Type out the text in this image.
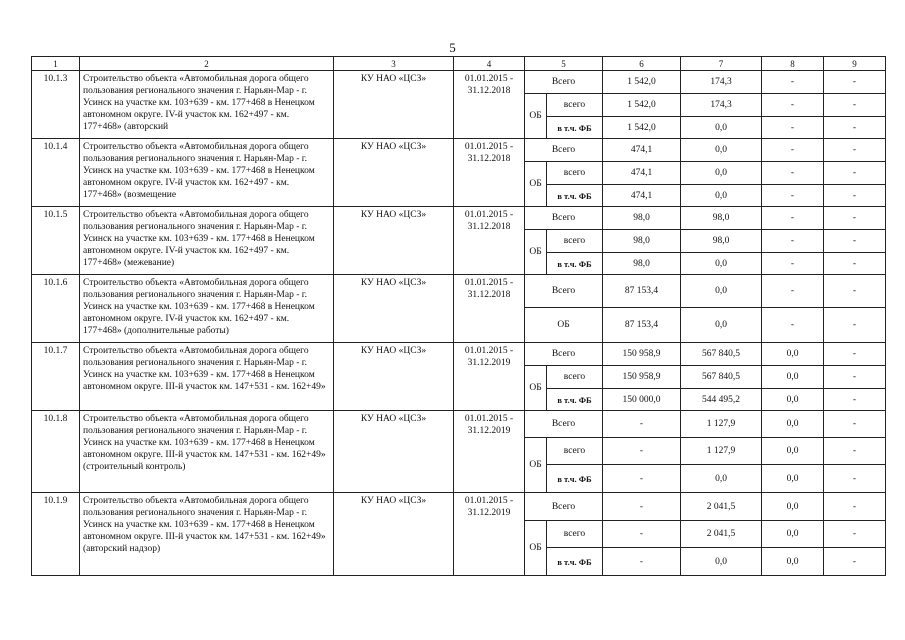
5
1	2	3	4	5		6	7	8	9
10.1.3	Строительство объекта «Автомобильная дорога общего пользования регионального значения г. Нарьян-Мар - г. Усинск на участке км. 103+639 - км. 177+468 в Ненецком автономном округе. IV-й участок км. 162+497 - км. 177+468» (авторский	КУ НАО «ЦСЗ»	01.01.2015 - 31.12.2018	Всего		1 542,0	174,3	-	-
				ОБ	всего	1 542,0	174,3	-	-
					в т.ч. ФБ	1 542,0	0,0	-	-
10.1.4	Строительство объекта «Автомобильная дорога общего пользования регионального значения г. Нарьян-Мар - г. Усинск на участке км. 103+639 - км. 177+468 в Ненецком автономном округе. IV-й участок км. 162+497 - км. 177+468» (возмещение	КУ НАО «ЦСЗ»	01.01.2015 - 31.12.2018	Всего		474,1	0,0	-	-
				ОБ	всего	474,1	0,0	-	-
					в т.ч. ФБ	474,1	0,0	-	-
10.1.5	Строительство объекта «Автомобильная дорога общего пользования регионального значения г. Нарьян-Мар - г. Усинск на участке км. 103+639 - км. 177+468 в Ненецком автономном округе. IV-й участок км. 162+497 - км. 177+468» (межевание)	КУ НАО «ЦСЗ»	01.01.2015 - 31.12.2018	Всего		98,0	98,0	-	-
				ОБ	всего	98,0	98,0	-	-
					в т.ч. ФБ	98,0	0,0	-	-
10.1.6	Строительство объекта «Автомобильная дорога общего пользования регионального значения г. Нарьян-Мар - г. Усинск на участке км. 103+639 - км. 177+468 в Ненецком автономном округе. IV-й участок км. 162+497 - км. 177+468» (дополнительные работы)	КУ НАО «ЦСЗ»	01.01.2015 - 31.12.2018	Всего		87 153,4	0,0	-	-
				ОБ		87 153,4	0,0	-	-
10.1.7	Строительство объекта «Автомобильная дорога общего пользования регионального значения г. Нарьян-Мар - г. Усинск на участке км. 103+639 - км. 177+468 в Ненецком автономном округе. III-й участок км. 147+531 - км. 162+49»	КУ НАО «ЦСЗ»	01.01.2015 - 31.12.2019	Всего		150 958,9	567 840,5	0,0	-
				ОБ	всего	150 958,9	567 840,5	0,0	-
					в т.ч. ФБ	150 000,0	544 495,2	0,0	-
10.1.8	Строительство объекта «Автомобильная дорога общего пользования регионального значения г. Нарьян-Мар - г. Усинск на участке км. 103+639 - км. 177+468 в Ненецком автономном округе. III-й участок км. 147+531 - км. 162+49» (строительный контроль)	КУ НАО «ЦСЗ»	01.01.2015 - 31.12.2019	Всего		-	1 127,9	0,0	-
				ОБ	всего	-	1 127,9	0,0	-
					в т.ч. ФБ	-	0,0	0,0	-
10.1.9	Строительство объекта «Автомобильная дорога общего пользования регионального значения г. Нарьян-Мар - г. Усинск на участке км. 103+639 - км. 177+468 в Ненецком автономном округе. III-й участок км. 147+531 - км. 162+49» (авторский надзор)	КУ НАО «ЦСЗ»	01.01.2015 - 31.12.2019	Всего		-	2 041,5	0,0	-
				ОБ	всего	-	2 041,5	0,0	-
					в т.ч. ФБ	-	0,0	0,0	-
